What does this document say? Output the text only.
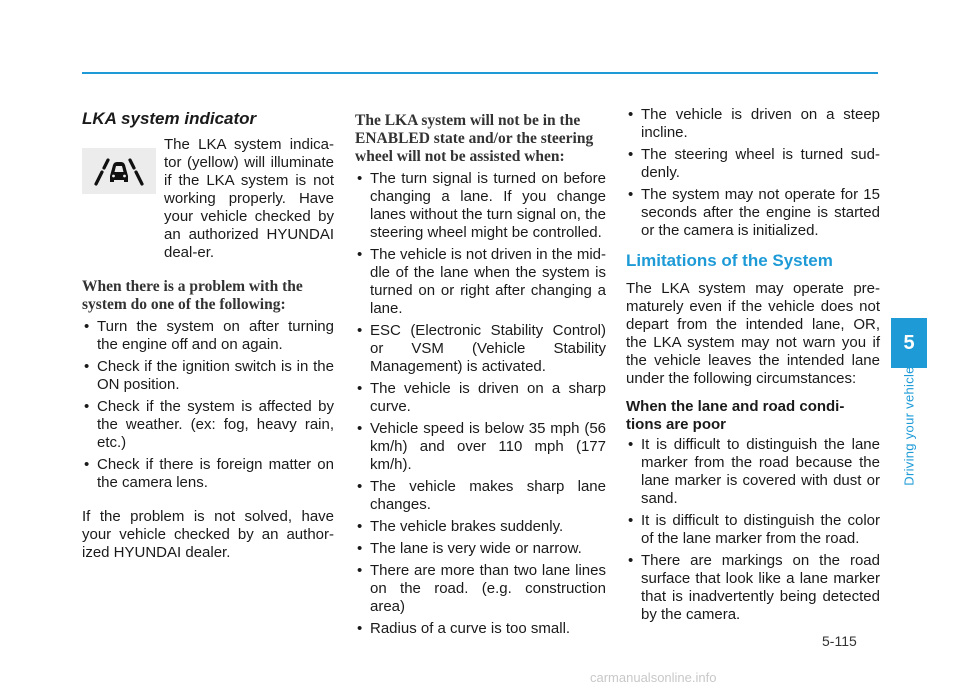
LKA system indicator
The LKA system indica-tor (yellow) will illuminate if the LKA system is not working properly. Have your vehicle checked by an authorized HYUNDAI deal-er.
When there is a problem with the system do one of the following:
• Turn the system on after turning the engine off and on again.
• Check if the ignition switch is in the ON position.
• Check if the system is affected by the weather. (ex: fog, heavy rain, etc.)
• Check if there is foreign matter on the camera lens.

If the problem is not solved, have your vehicle checked by an author-ized HYUNDAI dealer.

The LKA system will not be in the ENABLED state and/or the steering wheel will not be assisted when:
• The turn signal is turned on before changing a lane. If you change lanes without the turn signal on, the steering wheel might be controlled.
• The vehicle is not driven in the mid-dle of the lane when the system is turned on or right after changing a lane.
• ESC (Electronic Stability Control) or VSM (Vehicle Stability Management) is activated.
• The vehicle is driven on a sharp curve.
• Vehicle speed is below 35 mph (56 km/h) and over 110 mph (177 km/h).
• The vehicle makes sharp lane changes.
• The vehicle brakes suddenly.
• The lane is very wide or narrow.
• There are more than two lane lines on the road. (e.g. construction area)
• Radius of a curve is too small.
• The vehicle is driven on a steep incline.
• The steering wheel is turned sud-denly.
• The system may not operate for 15 seconds after the engine is started or the camera is initialized.
Limitations of the System

The LKA system may operate pre-maturely even if the vehicle does not depart from the intended lane, OR, the LKA system may not warn you if the vehicle leaves the intended lane under the following circumstances:

When the lane and road condi-tions are poor
• It is difficult to distinguish the lane marker from the road because the lane marker is covered with dust or sand.
• It is difficult to distinguish the color of the lane marker from the road.
• There are markings on the road surface that look like a lane marker that is inadvertently being detected by the camera.
5
Driving your vehicle
5-115
carmanualsonline.info
